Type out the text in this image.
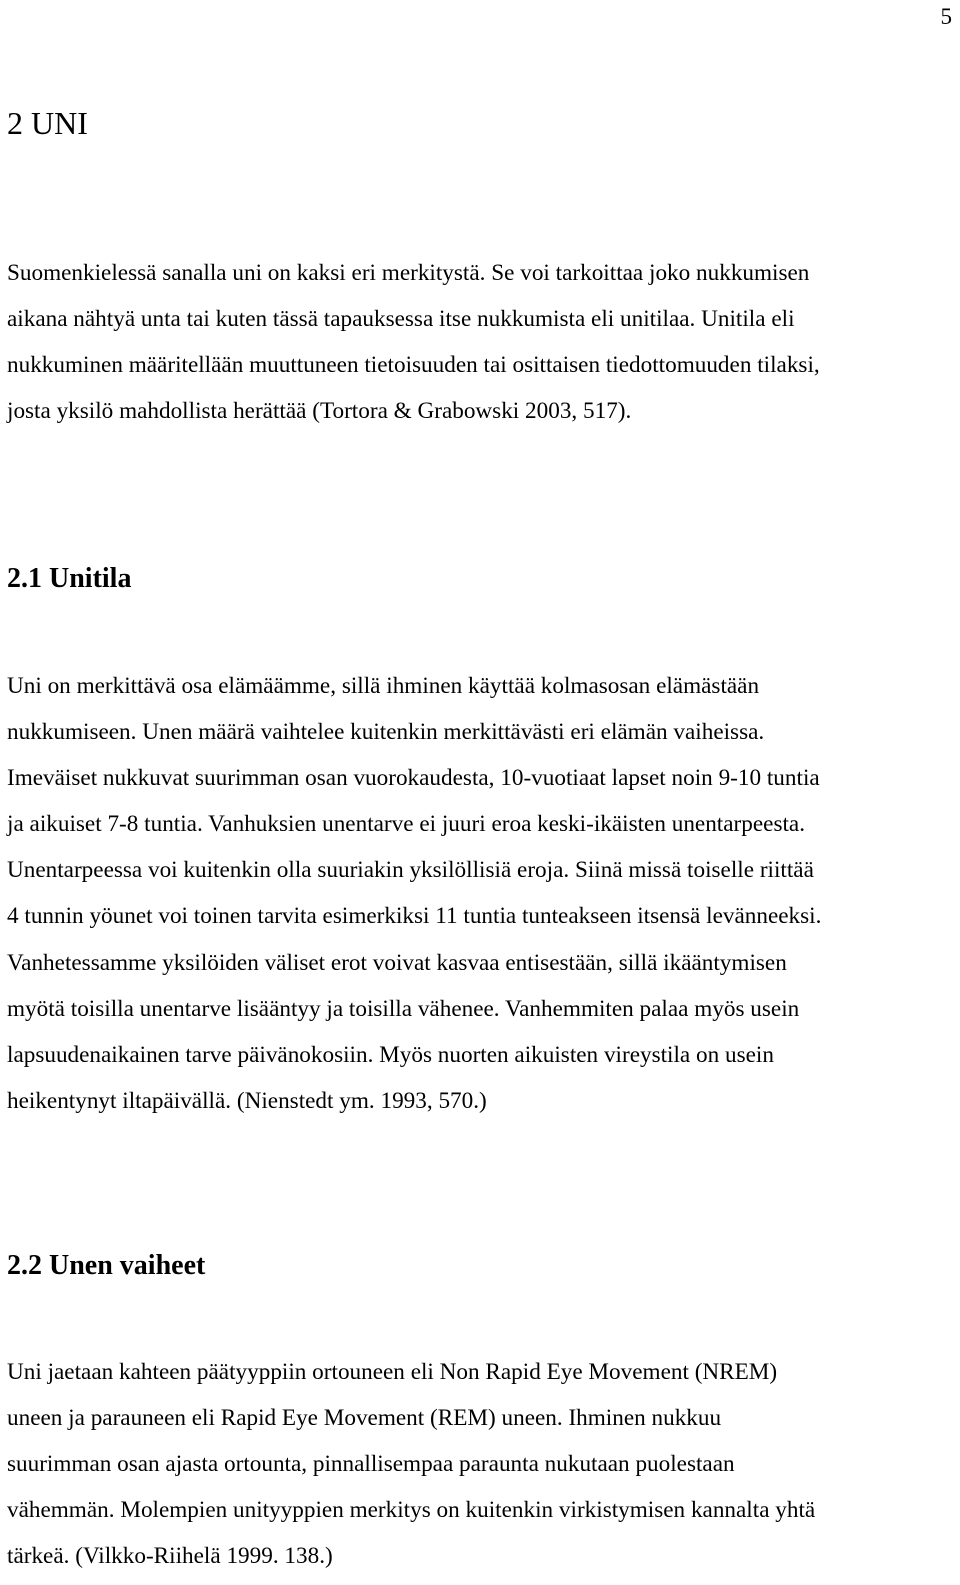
5
2 UNI
Suomenkielessä sanalla uni on kaksi eri merkitystä. Se voi tarkoittaa joko nukkumisen
aikana nähtyä unta tai kuten tässä tapauksessa itse nukkumista eli unitilaa. Unitila eli
nukkuminen määritellään muuttuneen tietoisuuden tai osittaisen tiedottomuuden tilaksi,
josta yksilö mahdollista herättää (Tortora & Grabowski 2003, 517).
2.1 Unitila
Uni on merkittävä osa elämäämme, sillä ihminen käyttää kolmasosan elämästään
nukkumiseen. Unen määrä vaihtelee kuitenkin merkittävästi eri elämän vaiheissa.
Imeväiset nukkuvat suurimman osan vuorokaudesta, 10-vuotiaat lapset noin 9-10 tuntia
ja aikuiset 7-8 tuntia. Vanhuksien unentarve ei juuri eroa keski-ikäisten unentarpeesta.
Unentarpeessa voi kuitenkin olla suuriakin yksilöllisiä eroja. Siinä missä toiselle riittää
4 tunnin yöunet voi toinen tarvita esimerkiksi 11 tuntia tunteakseen itsensä levänneeksi.
Vanhetessamme yksilöiden väliset erot voivat kasvaa entisestään, sillä ikääntymisen
myötä toisilla unentarve lisääntyy ja toisilla vähenee. Vanhemmiten palaa myös usein
lapsuudenaikainen tarve päivänokosiin. Myös nuorten aikuisten vireystila on usein
heikentynyt iltapäivällä. (Nienstedt ym. 1993, 570.)
2.2 Unen vaiheet
Uni jaetaan kahteen päätyyppiin ortouneen eli Non Rapid Eye Movement (NREM)
uneen ja parauneen eli Rapid Eye Movement (REM) uneen. Ihminen nukkuu
suurimman osan ajasta ortounta, pinnallisempaa paraunta nukutaan puolestaan
vähemmän. Molempien unityyppien merkitys on kuitenkin virkistymisen kannalta yhtä
tärkeä. (Vilkko-Riihelä 1999. 138.)
